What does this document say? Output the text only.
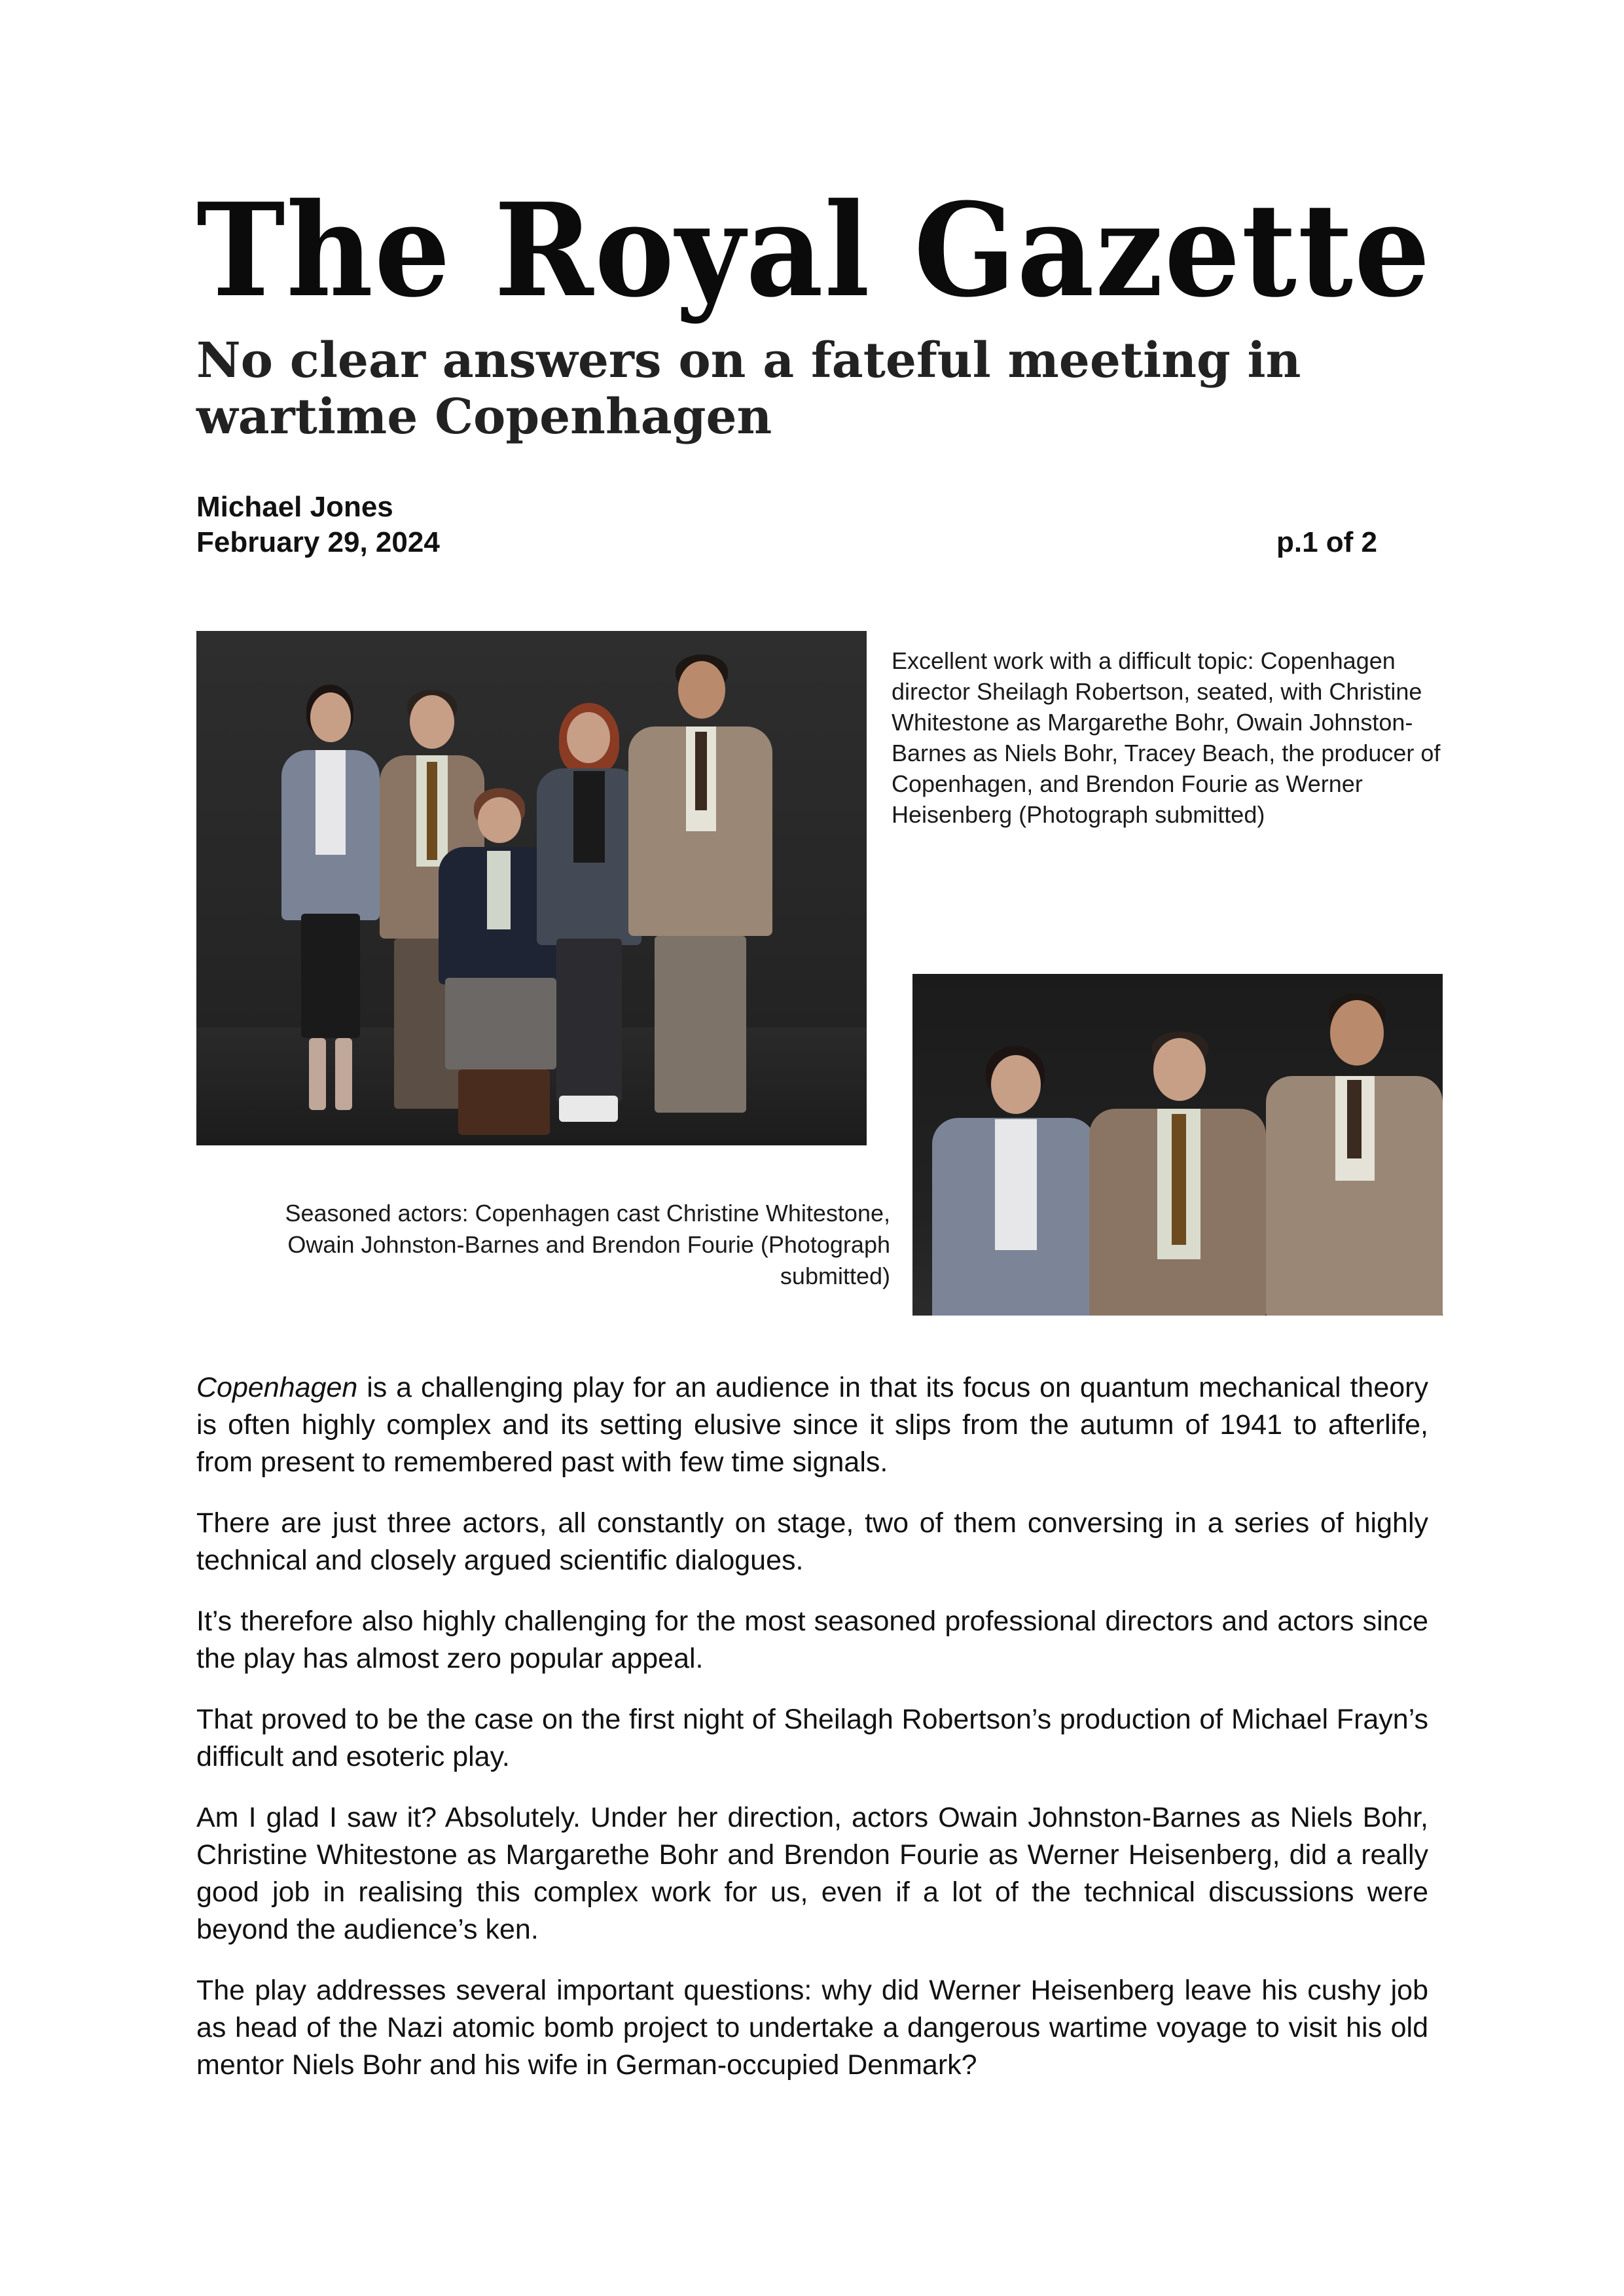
The Royal Gazette
No clear answers on a fateful meeting in wartime Copenhagen
Michael Jones
February 29, 2024	p.1 of 2
Excellent work with a difficult topic: Copenhagen director Sheilagh Robertson, seated, with Christine Whitestone as Margarethe Bohr, Owain Johnston-Barnes as Niels Bohr, Tracey Beach, the producer of Copenhagen, and Brendon Fourie as Werner Heisenberg (Photograph submitted)
Seasoned actors: Copenhagen cast Christine Whitestone, Owain Johnston-Barnes and Brendon Fourie (Photograph submitted)

Copenhagen is a challenging play for an audience in that its focus on quantum mechanical theory is often highly complex and its setting elusive since it slips from the autumn of 1941 to afterlife, from present to remembered past with few time signals.

There are just three actors, all constantly on stage, two of them conversing in a series of highly technical and closely argued scientific dialogues.

It’s therefore also highly challenging for the most seasoned professional directors and actors since the play has almost zero popular appeal.

That proved to be the case on the first night of Sheilagh Robertson’s production of Michael Frayn’s difficult and esoteric play.

Am I glad I saw it? Absolutely. Under her direction, actors Owain Johnston-Barnes as Niels Bohr, Christine Whitestone as Margarethe Bohr and Brendon Fourie as Werner Heisenberg, did a really good job in realising this complex work for us, even if a lot of the technical discussions were beyond the audience’s ken.

The play addresses several important questions: why did Werner Heisenberg leave his cushy job as head of the Nazi atomic bomb project to undertake a dangerous wartime voyage to visit his old mentor Niels Bohr and his wife in German-occupied Denmark?
